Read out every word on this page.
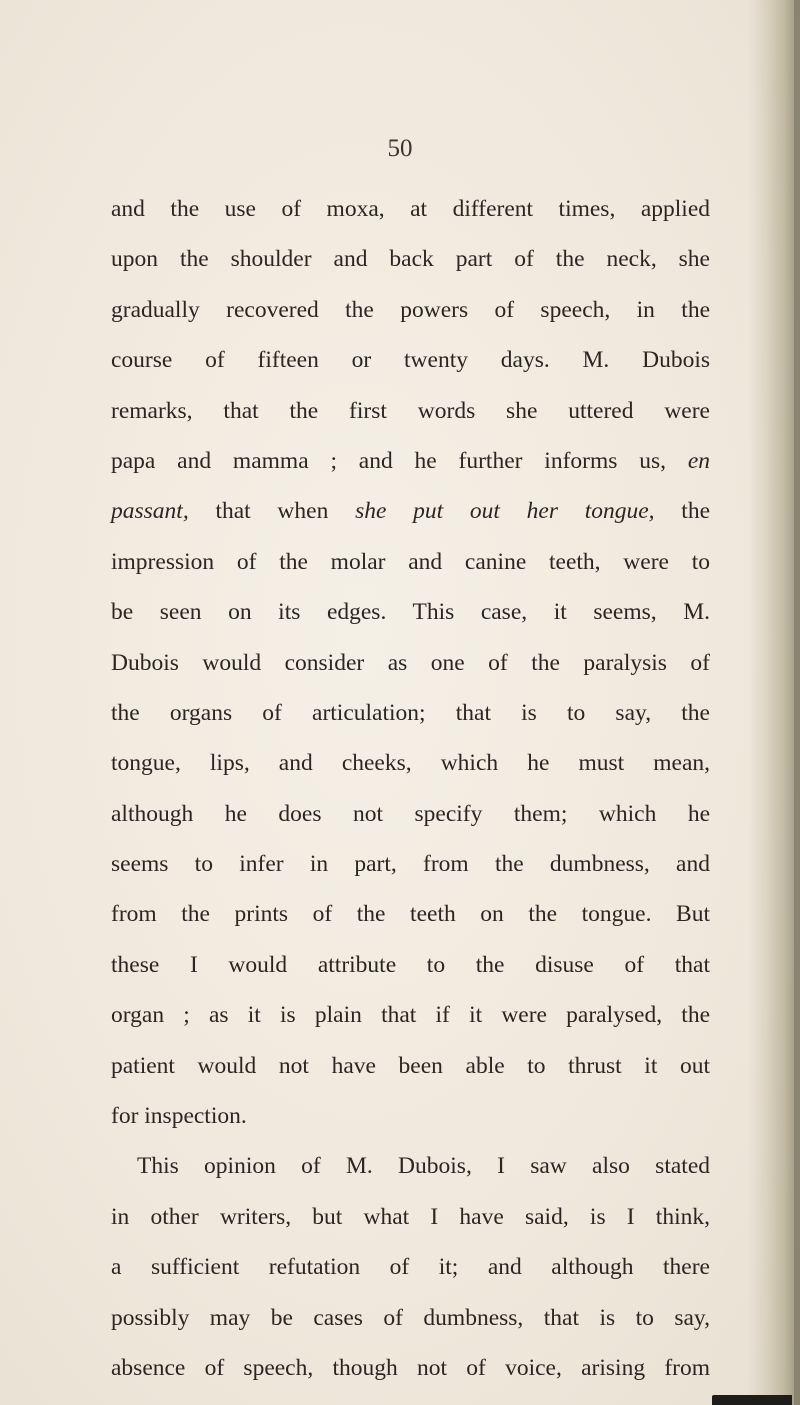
50
and the use of moxa, at different times, applied
upon the shoulder and back part of the neck, she
gradually recovered the powers of speech, in the
course of fifteen or twenty days. M. Dubois
remarks, that the first words she uttered were
papa and mamma ; and he further informs us, en
passant, that when she put out her tongue, the
impression of the molar and canine teeth, were to
be seen on its edges. This case, it seems, M.
Dubois would consider as one of the paralysis of
the organs of articulation; that is to say, the
tongue, lips, and cheeks, which he must mean,
although he does not specify them; which he
seems to infer in part, from the dumbness, and
from the prints of the teeth on the tongue. But
these I would attribute to the disuse of that
organ ; as it is plain that if it were paralysed, the
patient would not have been able to thrust it out
for inspection.
This opinion of M. Dubois, I saw also stated
in other writers, but what I have said, is I think,
a sufficient refutation of it; and although there
possibly may be cases of dumbness, that is to say,
absence of speech, though not of voice, arising from
